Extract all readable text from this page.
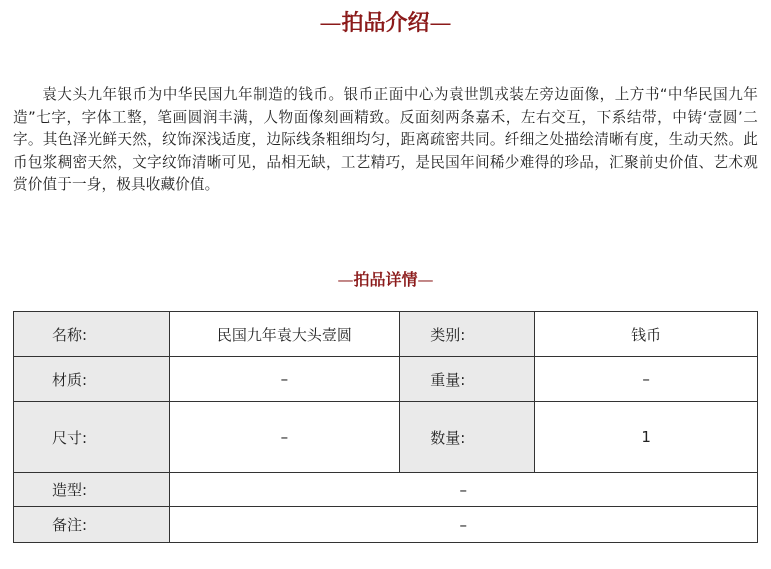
—拍品介绍—

袁大头九年银币为中华民国九年制造的钱币。银币正面中心为袁世凯戎装左旁边面像，上方书“中华民国九年造”七字，字体工整，笔画圆润丰满，人物面像刻画精致。反面刻两条嘉禾，左右交互，下系结带，中铸‘壹圆’二字。其色泽光鲜天然，纹饰深浅适度，边际线条粗细均匀，距离疏密共同。纤细之处描绘清晰有度，生动天然。此币包浆稠密天然，文字纹饰清晰可见，品相无缺，工艺精巧，是民国年间稀少难得的珍品，汇聚前史价值、艺术观赏价值于一身，极具收藏价值。

—拍品详情—
名称:	民国九年袁大头壹圆	类别:	钱币
材质:	–	重量:	–
尺寸:	–	数量:	1
造型:	–		
备注:	–		
